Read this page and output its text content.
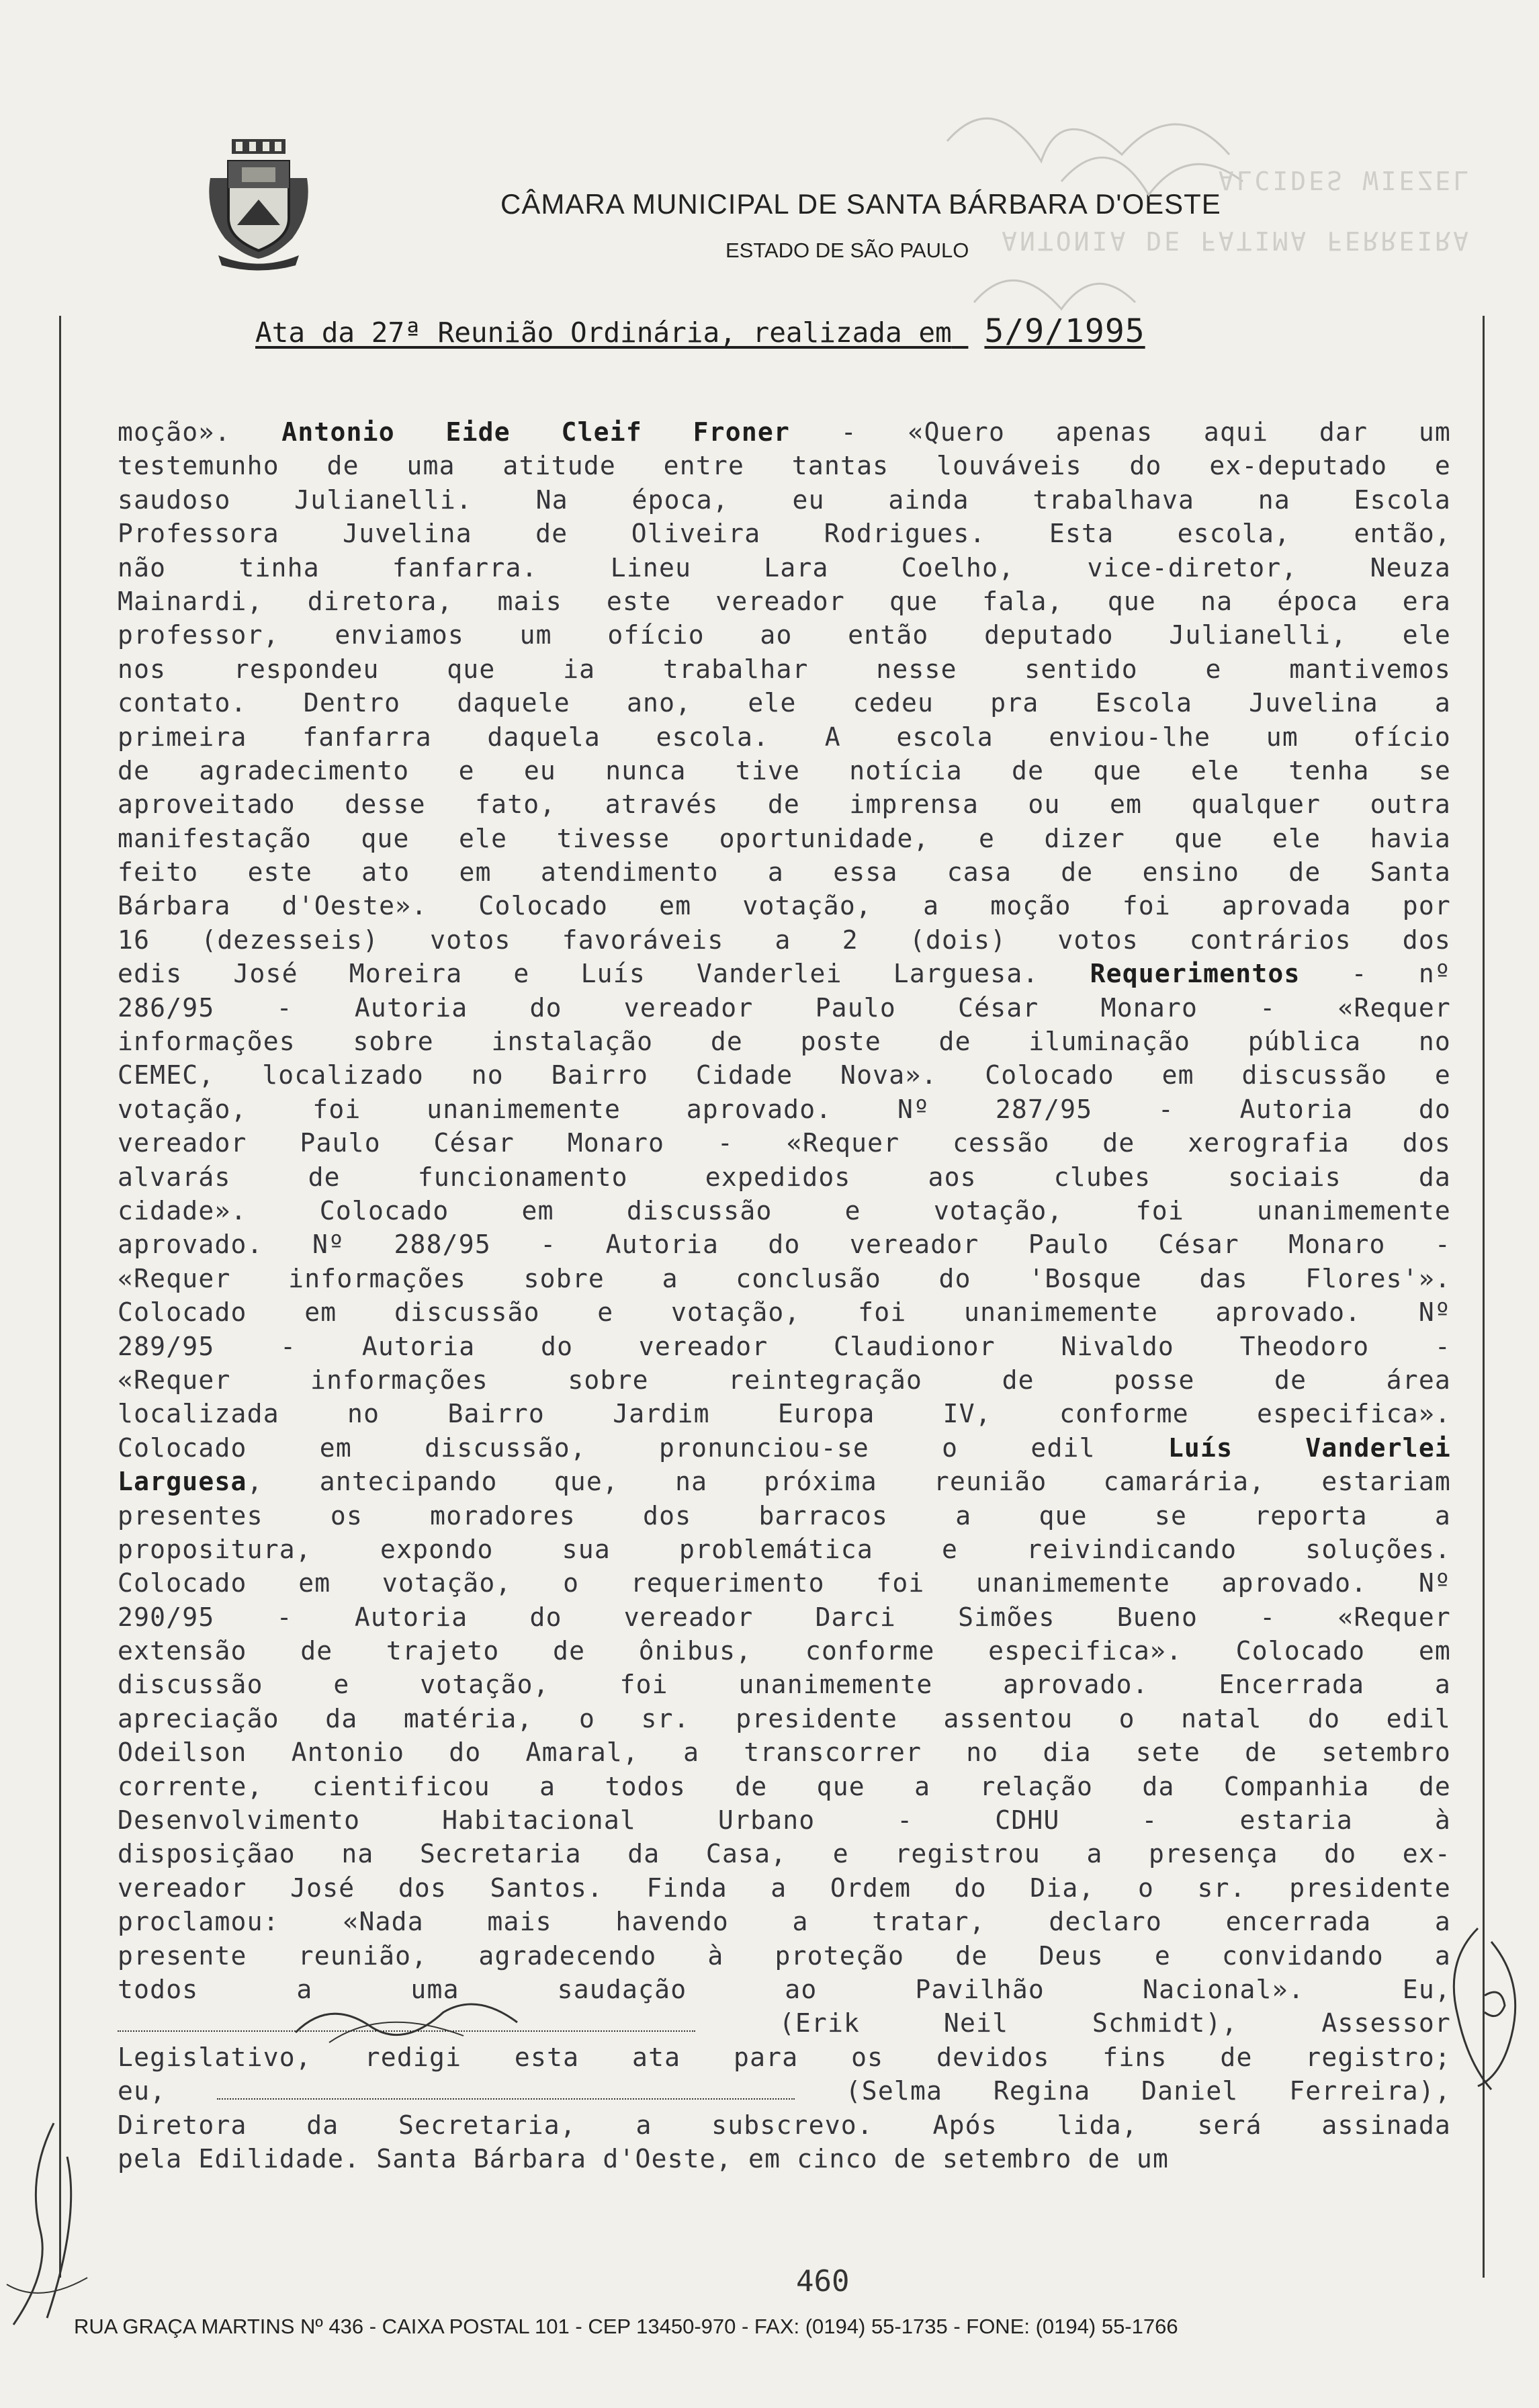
CÂMARA MUNICIPAL DE SANTA BÁRBARA D'OESTE
ESTADO DE SÃO PAULO
Ata da 27ª Reunião Ordinária, realizada em 5/9/1995
ALCIDES WIEZEL
ANTONIA DE FATIMA FERREIRA
moção». Antonio Eide Cleif Froner - «Quero apenas aqui dar um
testemunho de uma atitude entre tantas louváveis do ex-deputado e
saudoso Julianelli. Na época, eu ainda trabalhava na Escola
Professora Juvelina de Oliveira Rodrigues. Esta escola, então,
não tinha fanfarra. Lineu Lara Coelho, vice-diretor, Neuza
Mainardi, diretora, mais este vereador que fala, que na época era
professor, enviamos um ofício ao então deputado Julianelli, ele
nos respondeu que ia trabalhar nesse sentido e mantivemos
contato. Dentro daquele ano, ele cedeu pra Escola Juvelina a
primeira fanfarra daquela escola. A escola enviou-lhe um ofício
de agradecimento e eu nunca tive notícia de que ele tenha se
aproveitado desse fato, através de imprensa ou em qualquer outra
manifestação que ele tivesse oportunidade, e dizer que ele havia
feito este ato em atendimento a essa casa de ensino de Santa
Bárbara d'Oeste». Colocado em votação, a moção foi aprovada por
16 (dezesseis) votos favoráveis a 2 (dois) votos contrários dos
edis José Moreira e Luís Vanderlei Larguesa. Requerimentos - nº
286/95 - Autoria do vereador Paulo César Monaro - «Requer
informações sobre instalação de poste de iluminação pública no
CEMEC, localizado no Bairro Cidade Nova». Colocado em discussão e
votação, foi unanimemente aprovado. Nº 287/95 - Autoria do
vereador Paulo César Monaro - «Requer cessão de xerografia dos
alvarás de funcionamento expedidos aos clubes sociais da
cidade». Colocado em discussão e votação, foi unanimemente
aprovado. Nº 288/95 - Autoria do vereador Paulo César Monaro -
«Requer informações sobre a conclusão do 'Bosque das Flores'».
Colocado em discussão e votação, foi unanimemente aprovado. Nº
289/95 - Autoria do vereador Claudionor Nivaldo Theodoro -
«Requer informações sobre reintegração de posse de área
localizada no Bairro Jardim Europa IV, conforme especifica».
Colocado em discussão, pronunciou-se o edil	Luís Vanderlei
Larguesa, antecipando que, na próxima reunião camarária, estariam
presentes os moradores dos barracos a que se reporta a
propositura, expondo sua problemática e reivindicando soluções.
Colocado em votação, o requerimento foi unanimemente aprovado. Nº
290/95 - Autoria do vereador Darci Simões Bueno - «Requer
extensão de trajeto de ônibus, conforme especifica». Colocado em
discussão e votação, foi unanimemente aprovado. Encerrada a
apreciação da matéria, o sr. presidente assentou o natal do edil
Odeilson Antonio do Amaral, a transcorrer no dia sete de setembro
corrente, cientificou a todos de que a relação da Companhia de
Desenvolvimento Habitacional Urbano - CDHU - estaria à
disposiçãao na Secretaria da Casa, e registrou a presença do ex-
vereador José dos Santos. Finda a Ordem do Dia, o sr. presidente
proclamou: «Nada mais havendo a tratar, declaro encerrada a
presente reunião, agradecendo à proteção de Deus e convidando a
todos a uma saudação ao Pavilhão Nacional». Eu,
(Erik Neil Schmidt), Assessor
Legislativo, redigi esta ata para os devidos fins de registro;
eu,	(Selma Regina Daniel Ferreira),
Diretora da Secretaria, a subscrevo. Após lida, será assinada
pela Edilidade. Santa Bárbara d'Oeste, em cinco de setembro de um
460
RUA GRAÇA MARTINS Nº 436 - CAIXA POSTAL 101 - CEP 13450-970 - FAX: (0194) 55-1735 - FONE: (0194) 55-1766
